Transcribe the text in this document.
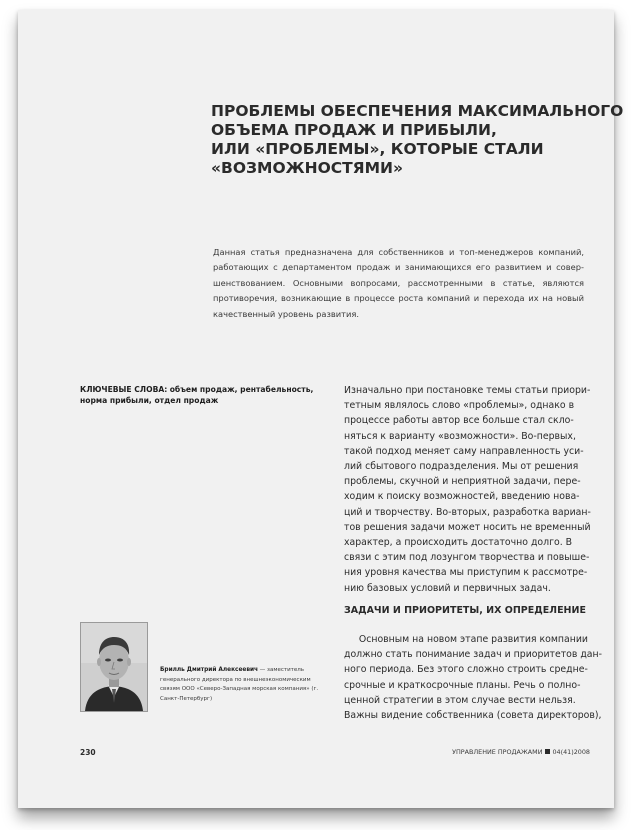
ПРОБЛЕМЫ ОБЕСПЕЧЕНИЯ МАКСИМАЛЬНОГО
ОБЪЕМА ПРОДАЖ И ПРИБЫЛИ,
ИЛИ «ПРОБЛЕМЫ», КОТОРЫЕ СТАЛИ
«ВОЗМОЖНОСТЯМИ»

Данная статья предназначена для собственников и топ-менеджеров компаний, работающих с департаментом продаж и занимающихся его развитием и совершенствованием. Основными вопросами, рассмотренными в статье, являются противоречия, возникающие в процессе роста компаний и перехода их на новый качественный уровень развития.

КЛЮЧЕВЫЕ СЛОВА: объем продаж, рентабельность, норма прибыли, отдел продаж

Изначально при постановке темы статьи приори-
тетным являлось слово «проблемы», однако в
процессе работы автор все больше стал скло-
няться к варианту «возможности». Во-первых,
такой подход меняет саму направленность уси-
лий сбытового подразделения. Мы от решения
проблемы, скучной и неприятной задачи, пере-
ходим к поиску возможностей, введению нова-
ций и творчеству. Во-вторых, разработка вариан-
тов решения задачи может носить не временный
характер, а происходить достаточно долго. В
связи с этим под лозунгом творчества и повыше-
ния уровня качества мы приступим к рассмотре-
нию базовых условий и первичных задач.
ЗАДАЧИ И ПРИОРИТЕТЫ, ИХ ОПРЕДЕЛЕНИЕ
Основным на новом этапе развития компании
должно стать понимание задач и приоритетов дан-
ного периода. Без этого сложно строить средне-
срочные и краткосрочные планы. Речь о полно-
ценной стратегии в этом случае вести нельзя.
Важны видение собственника (совета директоров),

Брилль Дмитрий Алексеевич — заместитель генерального директора по внешнеэкономическим связям ООО «Северо-Западная морская компания» (г. Санкт-Петербург)

230	УПРАВЛЕНИЕ ПРОДАЖАМИ 04(41)2008
